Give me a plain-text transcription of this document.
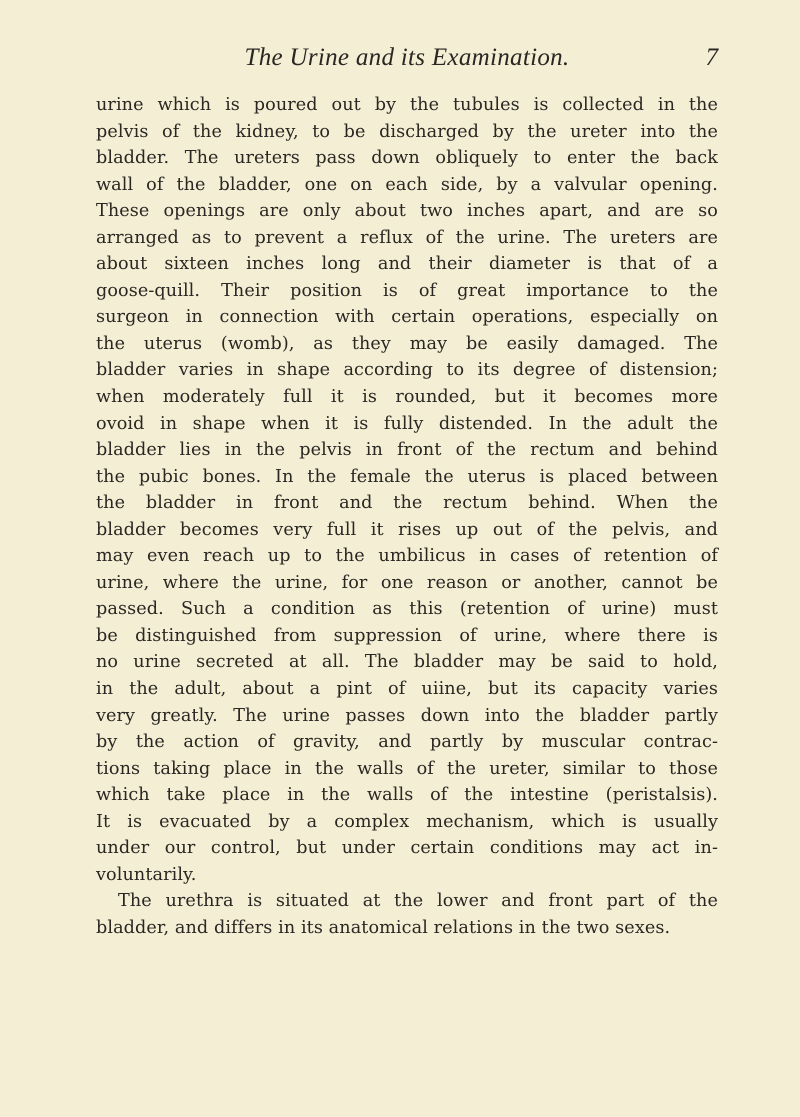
The Urine and its Examination.	7
urine which is poured out by the tubules is collected in the
pelvis of the kidney, to be discharged by the ureter into the
bladder. The ureters pass down obliquely to enter the back
wall of the bladder, one on each side, by a valvular opening.
These openings are only about two inches apart, and are so
arranged as to prevent a reflux of the urine. The ureters are
about sixteen inches long and their diameter is that of a
goose-quill. Their position is of great importance to the
surgeon in connection with certain operations, especially on
the uterus (womb), as they may be easily damaged. The
bladder varies in shape according to its degree of distension;
when moderately full it is rounded, but it becomes more
ovoid in shape when it is fully distended. In the adult the
bladder lies in the pelvis in front of the rectum and behind
the pubic bones. In the female the uterus is placed between
the bladder in front and the rectum behind. When the
bladder becomes very full it rises up out of the pelvis, and
may even reach up to the umbilicus in cases of retention of
urine, where the urine, for one reason or another, cannot be
passed. Such a condition as this (retention of urine) must
be distinguished from suppression of urine, where there is
no urine secreted at all. The bladder may be said to hold,
in the adult, about a pint of uiine, but its capacity varies
very greatly. The urine passes down into the bladder partly
by the action of gravity, and partly by muscular contrac-
tions taking place in the walls of the ureter, similar to those
which take place in the walls of the intestine (peristalsis).
It is evacuated by a complex mechanism, which is usually
under our control, but under certain conditions may act in-
voluntarily.
The urethra is situated at the lower and front part of the
bladder, and differs in its anatomical relations in the two sexes.
